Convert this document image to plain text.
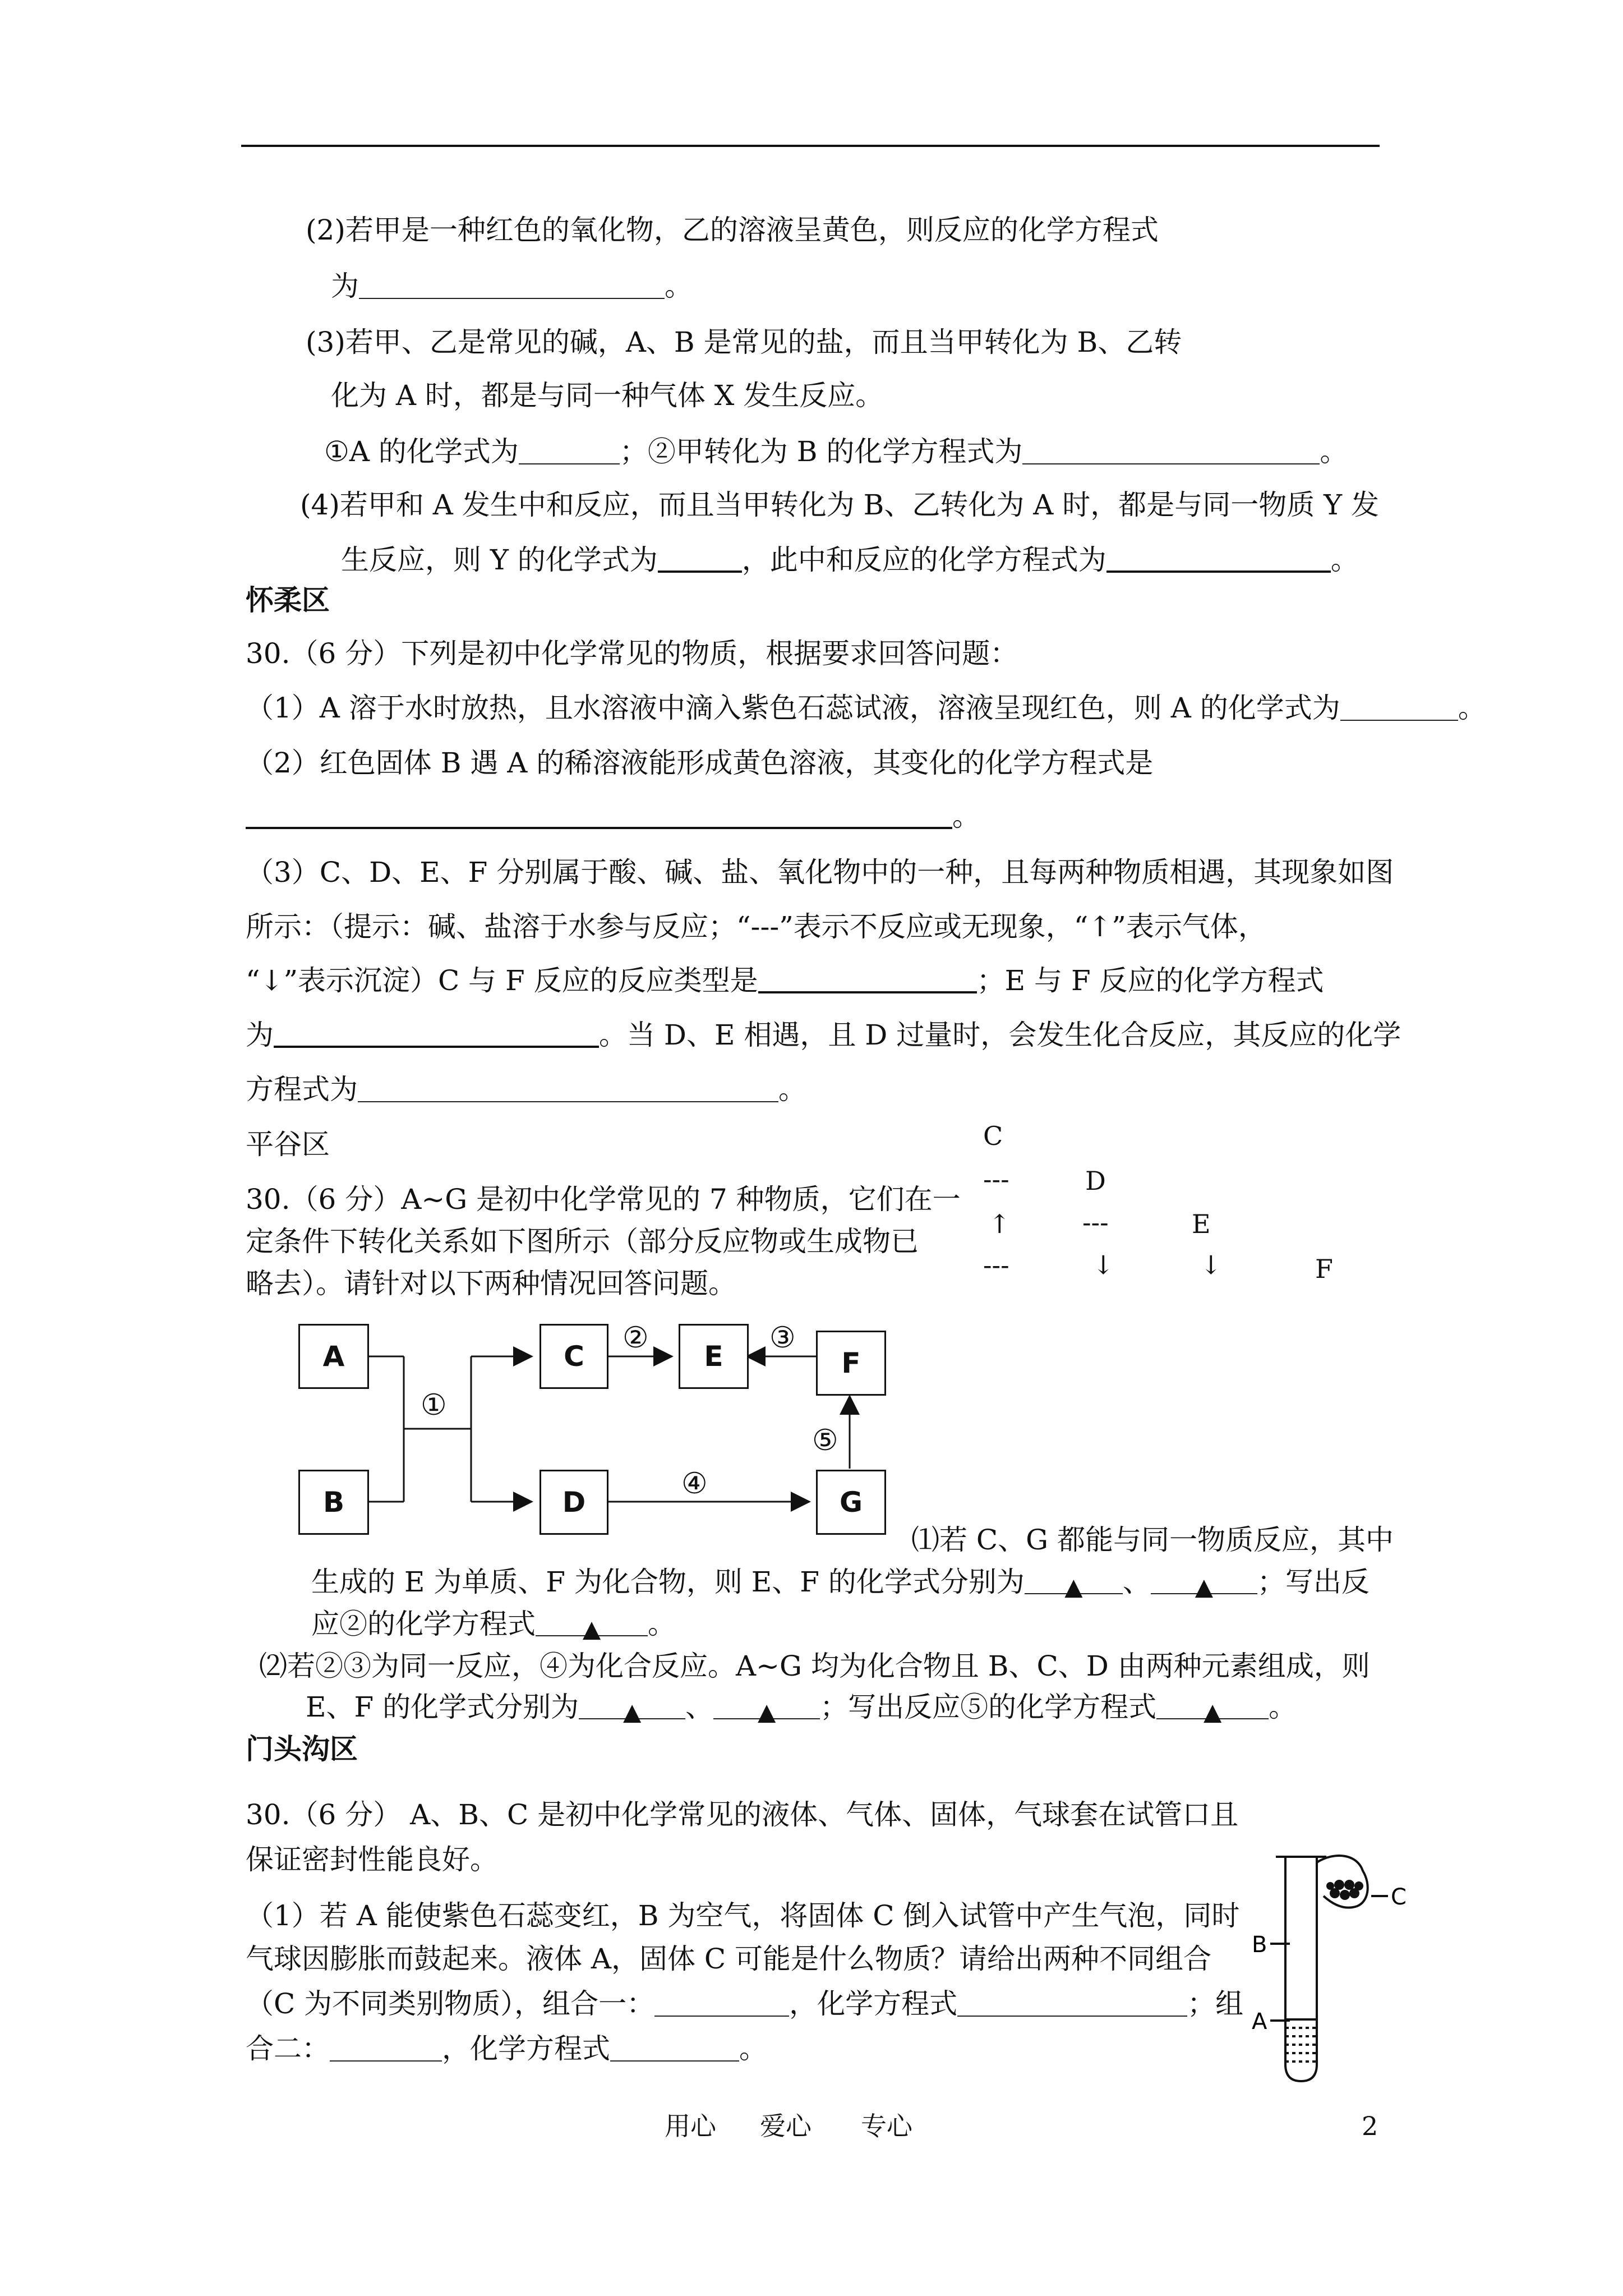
(2)若甲是一种红色的氧化物，乙的溶液呈黄色，则反应的化学方程式
为	。
(3)若甲、乙是常见的碱，A、B 是常见的盐，而且当甲转化为 B、乙转
化为 A 时，都是与同一种气体 X 发生反应。
①A 的化学式为	；②甲转化为 B 的化学方程式为	。
(4)若甲和 A 发生中和反应，而且当甲转化为 B、乙转化为 A 时，都是与同一物质 Y 发
生反应，则 Y 的化学式为	，此中和反应的化学方程式为	。
怀柔区
30.（6 分）下列是初中化学常见的物质，根据要求回答问题：
（1）A 溶于水时放热，且水溶液中滴入紫色石蕊试液，溶液呈现红色，则 A 的化学式为	。
（2）红色固体 B 遇 A 的稀溶液能形成黄色溶液，其变化的化学方程式是
。
（3）C、D、E、F 分别属于酸、碱、盐、氧化物中的一种，且每两种物质相遇，其现象如图
所示：（提示：碱、盐溶于水参与反应；“---”表示不反应或无现象，“↑”表示气体，
“↓”表示沉淀）C 与 F 反应的反应类型是	；E 与 F 反应的化学方程式
为	。当 D、E 相遇，且 D 过量时，会发生化合反应，其反应的化学
方程式为	。
C
---	D
↑	---	E
---	↓	↓	F
平谷区
30.（6 分）A~G 是初中化学常见的 7 种物质，它们在一
定条件下转化关系如下图所示（部分反应物或生成物已
略去）。请针对以下两种情况回答问题。
A
B
C
D
E	F
G
①
②	③
④
⑤
⑴若 C、G 都能与同一物质反应，其中
生成的 E 为单质、F 为化合物，则 E、F 的化学式分别为 ▲ 、 ▲ ；写出反
应②的化学方程式 ▲ 。
⑵若②③为同一反应，④为化合反应。A~G 均为化合物且 B、C、D 由两种元素组成，则
E、F 的化学式分别为 ▲ 、 ▲ ；写出反应⑤的化学方程式 ▲ 。
门头沟区
30.（6 分） A、B、C 是初中化学常见的液体、气体、固体，气球套在试管口且
保证密封性能良好。
（1）若 A 能使紫色石蕊变红，B 为空气，将固体 C 倒入试管中产生气泡，同时
气球因膨胀而鼓起来。液体 A，固体 C 可能是什么物质？请给出两种不同组合
（C 为不同类别物质），组合一：	，化学方程式	；组
合二：	，化学方程式	。
C
B
A
用心 爱心 专心	2
